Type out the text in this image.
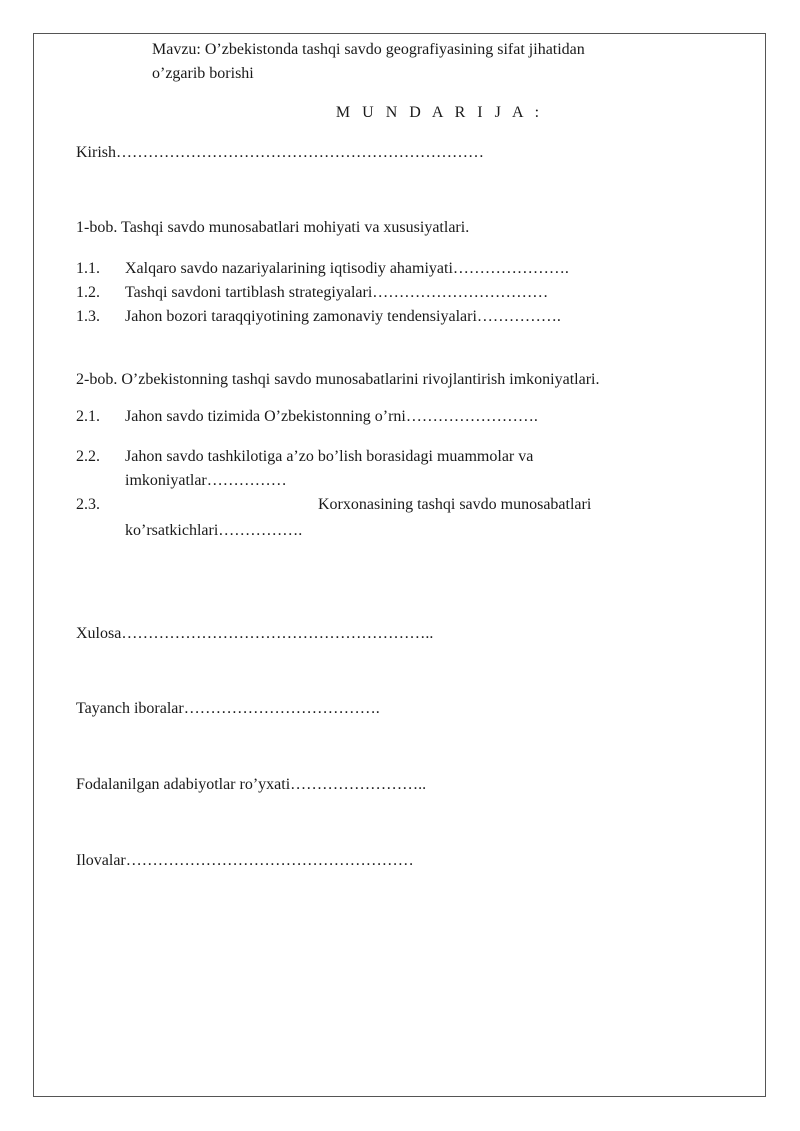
Mavzu: O’zbekistonda tashqi savdo geografiyasining sifat jihatidan
o’zgarib borishi
M U N D A R I J A :
Kirish……………………………………………………………
1-bob. Tashqi savdo munosabatlari mohiyati va xususiyatlari.
1.1. Xalqaro savdo nazariyalarining iqtisodiy ahamiyati………………….
1.2. Tashqi savdoni tartiblash strategiyalari……………………………
1.3. Jahon bozori taraqqiyotining zamonaviy tendensiyalari…………….
2-bob. O’zbekistonning tashqi savdo munosabatlarini rivojlantirish imkoniyatlari.
2.1. Jahon savdo tizimida O’zbekistonning o’rni…………………….
2.2. Jahon savdo tashkilotiga a’zo bo’lish borasidagi muammolar va
imkoniyatlar……………
2.3.	Korxonasining tashqi savdo munosabatlari
ko’rsatkichlari…………….
Xulosa…………………………………………………..
Tayanch iboralar……………………………….
Fodalanilgan adabiyotlar ro’yxati……………………..
Ilovalar………………………………………………
